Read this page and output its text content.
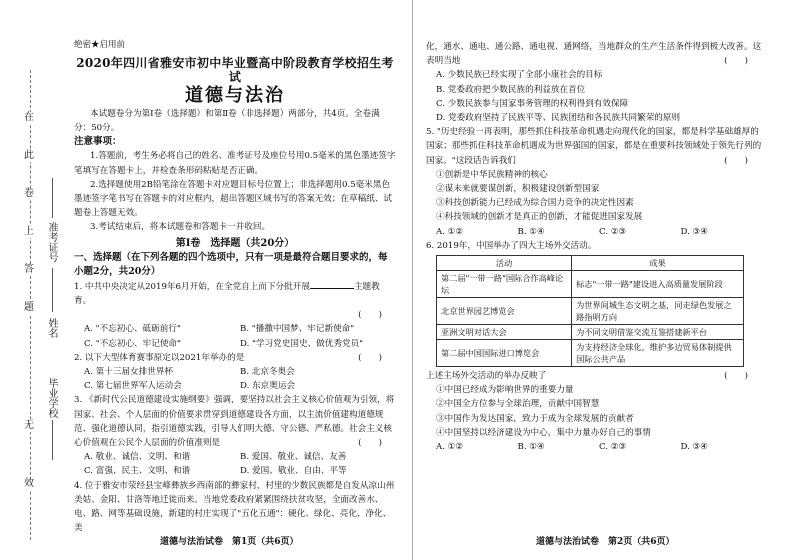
在
此
卷
上
答
题
无
效
准考证号
姓名
毕业学校
绝密★启用前
2020年四川省雅安市初中毕业暨高中阶段教育学校招生考试
道德与法治
本试题卷分为第Ⅰ卷（选择题）和第Ⅱ卷（非选择题）两部分，共4页。全卷满分：50分。
注意事项：
1.答题前，考生务必将自己的姓名、准考证号及座位号用0.5毫米的黑色墨迹签字笔填写在答题卡上，并检查条形码粘贴是否正确。
2.选择题使用2B铅笔涂在答题卡对应题目标号位置上；非选择题用0.5毫米黑色墨迹签字笔书写在答题卡的对应框内，超出答题区域书写的答案无效；在草稿纸、试题卷上答题无效。
3.考试结束后，将本试题卷和答题卡一并收回。
第Ⅰ卷　选择题（共20分）
一、选择题（在下列各题的四个选项中，只有一项是最符合题目要求的，每小题2分，共20分）
1. 中共中央决定从2019年6月开始，在全党自上而下分批开展	主题教育。
(　　)
A. "不忘初心、砥砺前行"	B. "播撒中国梦、牢记新使命"
C. "不忘初心、牢记使命"	D. "学习党史国史、做优秀党员"
(　　)
2. 以下大型体育赛事原定以2021年举办的是
A. 第十三届女排世界杯	B. 北京冬奥会
C. 第七届世界军人运动会	D. 东京奥运会
3. 《新时代公民道德建设实施纲要》强调，要坚持以社会主义核心价值观为引领，将国家、社会、个人层面的价值要求贯穿到道德建设各方面，以主流价值建构道德规范、强化道德认同，指引道德实践，引导人们明大德、守公德、严私德。社会主义核心价值观在公民个人层面的价值准则是	(　　)
A. 敬业、诚信、文明、和谐	B. 爱国、敬业、诚信、友善
C. 富强、民主、文明、和谐	D. 爱国、敬业、自由、平等
4. 位于雅安市荥经县宝峰彝族乡西南部的彝家村，村里的少数民族都是自发从凉山州美姑、金阳、甘洛等地迁徙而来。当地党委政府紧紧围绕扶贫攻坚，全面改善水、电、路、网等基础设施，新建的村庄实现了"五化五通"：硬化、绿化、亮化、净化、美
道德与法治试卷　第1页（共6页）
化，通水、通电、通公路、通电视、通网络，当地群众的生产生活条件得到极大改善。这表明当地	(　　)
A. 少数民族已经实现了全部小康社会的目标
B. 党委政府把少数民族的利益放在首位
C. 少数民族参与国家事务管理的权利得到有效保障
D. 党委政府坚持了民族平等、民族团结和各民族共同繁荣的原则
5. "历史经验一再表明，那些抓住科技革命机遇走向现代化的国家，都是科学基础雄厚的国家；那些抓住科技革命机遇成为世界强国的国家，都是在重要科技领域处于领先行列的国家。"这段话告诉我们	(　　)
①创新是中华民族精神的核心
②谋未来就要谋创新，积极建设创新型国家
③科技创新能力已经成为综合国力竞争的决定性因素
④科技领域的创新才是真正的创新，才能促进国家发展
A. ①②	B. ①④	C. ②③	D. ③④
6. 2019年，中国举办了四大主场外交活动。
活动	成果
第二届"一带一路"国际合作高峰论坛	标志"一带一路"建设进入高质量发展阶段
北京世界园艺博览会	为世界间城生态文明之基，同走绿色发展之路指明方向
亚洲文明对话大会	为不同文明借鉴交流互鉴搭建新平台
第二届中国国际进口博览会	为支持经济全球化，维护多边贸易体制提供国际公共产品
(　　)
上述主场外交活动的举办反映了
①中国已经成为影响世界的重要力量
②中国全方位参与全球治理，贡献中国智慧
③中国作为发达国家，致力于成为全球发展的贡献者
④中国坚持以经济建设为中心，集中力量办好自己的事情
A. ①②	B. ①④	C. ②③	D. ③④
道德与法治试卷　第2页（共6页）
